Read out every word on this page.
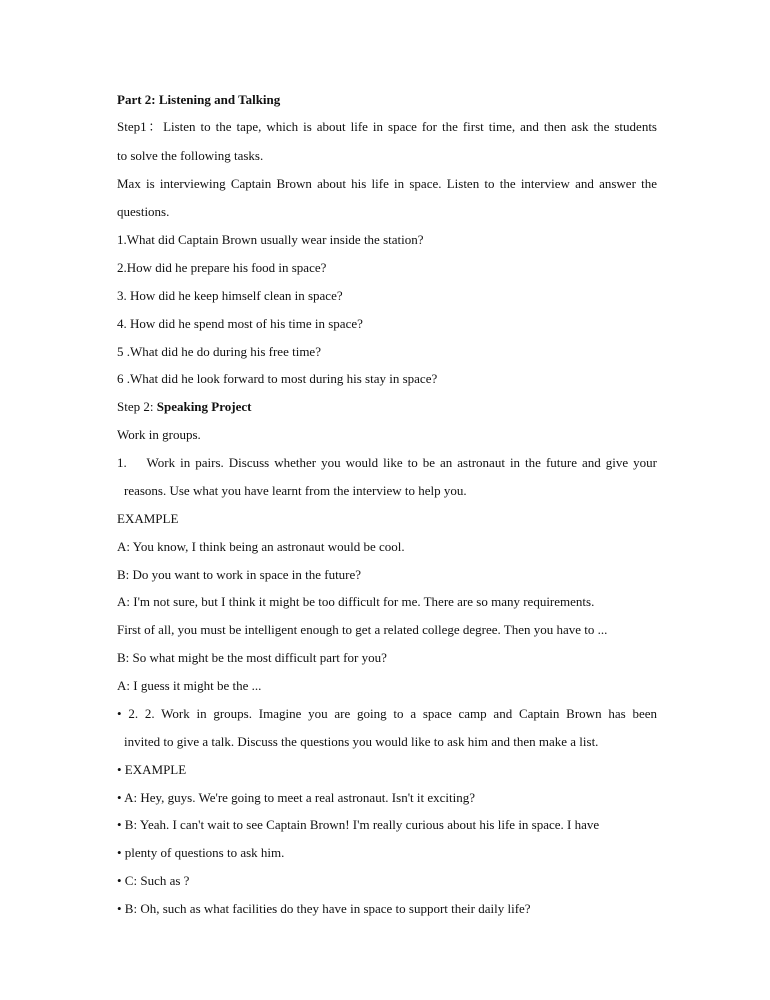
Part 2: Listening and Talking
Step1：Listen to the tape, which is about life in space for the first time, and then ask the students
to solve the following tasks.
Max is interviewing Captain Brown about his life in space. Listen to the interview and answer the
questions.
1.What did Captain Brown usually wear inside the station?
2.How did he prepare his food in space?
3. How did he keep himself clean in space?
4. How did he spend most of his time in space?
5 .What did he do during his free time?
6 .What did he look forward to most during his stay in space?
Step 2: Speaking Project
Work in groups.
1.    Work in pairs. Discuss whether you would like to be an astronaut in the future and give your
reasons. Use what you have learnt from the interview to help you.
EXAMPLE
A: You know, I think being an astronaut would be cool.
B: Do you want to work in space in the future?
A: I'm not sure, but I think it might be too difficult for me. There are so many requirements.
First of all, you must be intelligent enough to get a related college degree. Then you have to ...
B: So what might be the most difficult part for you?
A: I guess it might be the ...
• 2. 2. Work in groups. Imagine you are going to a space camp and Captain Brown has been
invited to give a talk. Discuss the questions you would like to ask him and then make a list.
• EXAMPLE
• A: Hey, guys. We're going to meet a real astronaut. Isn't it exciting?
• B: Yeah. I can't wait to see Captain Brown! I'm really curious about his life in space. I have
• plenty of questions to ask him.
• C: Such as ?
• B: Oh, such as what facilities do they have in space to support their daily life?
